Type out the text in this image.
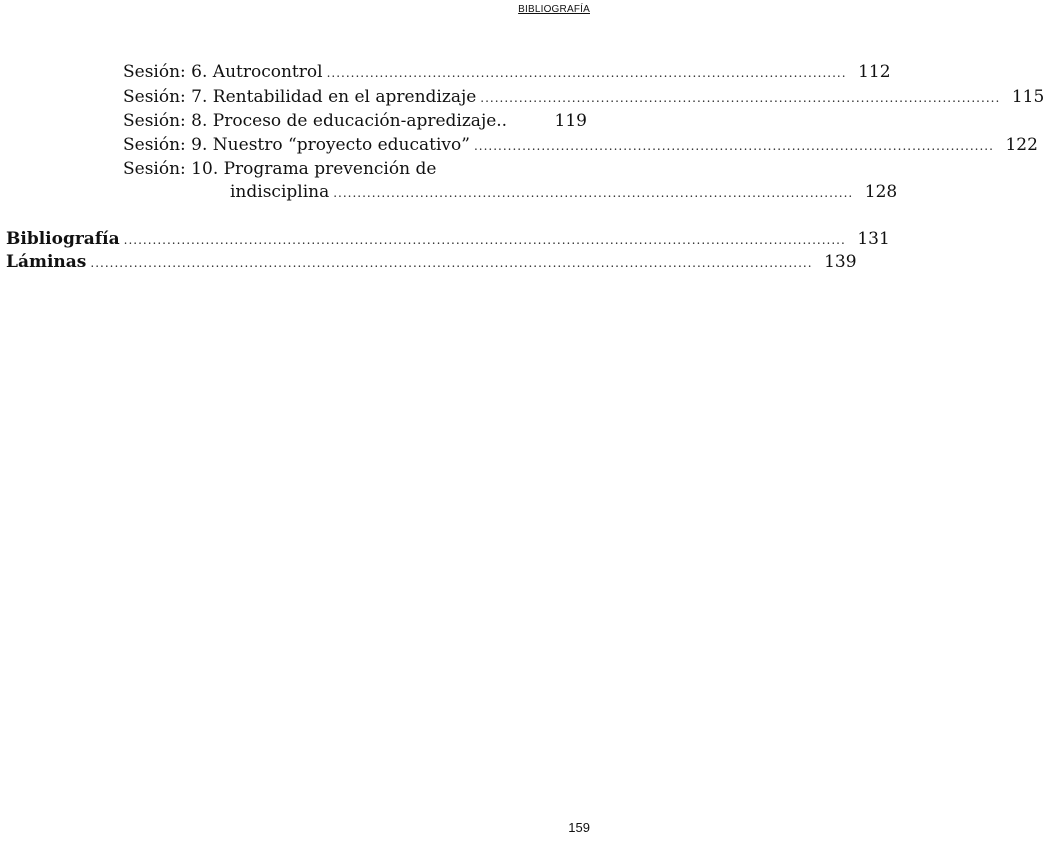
BIBLIOGRAFÍA
Sesión: 6. Autrocontrol ............................................................................................................ 112
Sesión: 7. Rentabilidad en el aprendizaje ............................................................................................................ 115
Sesión: 8. Proceso de educación-apredizaje..	119
Sesión: 9. Nuestro “proyecto educativo” ............................................................................................................ 122
Sesión: 10. Programa prevención de
indisciplina ............................................................................................................ 128
Bibliografía ...................................................................................................................................................... 131
Láminas ...................................................................................................................................................... 139
159
